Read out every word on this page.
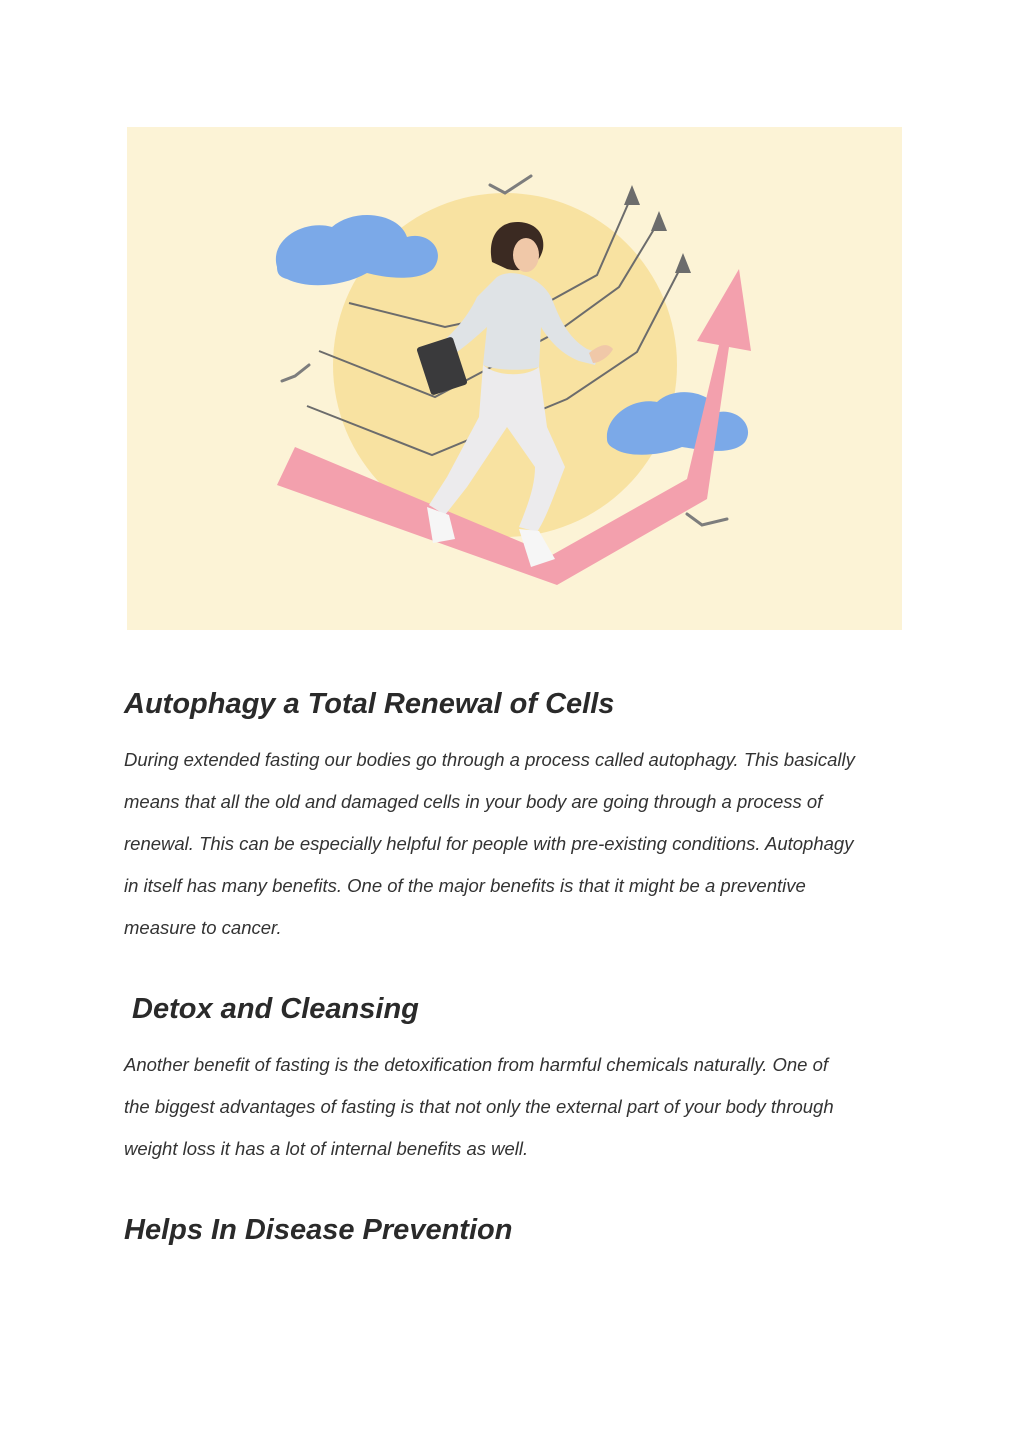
Autophagy a Total Renewal of Cells

During extended fasting our bodies go through a process called autophagy. This basically
means that all the old and damaged cells in your body are going through a process of
renewal. This can be especially helpful for people with pre-existing conditions. Autophagy
in itself has many benefits. One of the major benefits is that it might be a preventive
measure to cancer.

Detox and Cleansing

Another benefit of fasting is the detoxification from harmful chemicals naturally. One of
the biggest advantages of fasting is that not only the external part of your body through
weight loss it has a lot of internal benefits as well.

Helps In Disease Prevention
